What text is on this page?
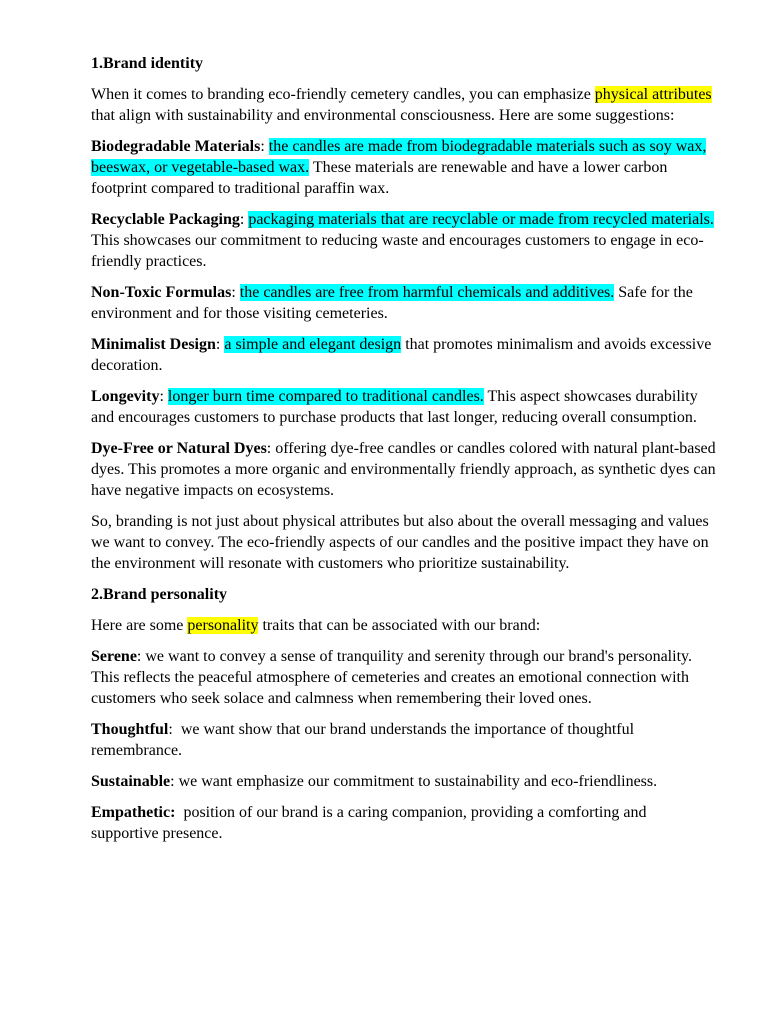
1.Brand identity

When it comes to branding eco-friendly cemetery candles, you can emphasize physical attributes that align with sustainability and environmental consciousness. Here are some suggestions:

Biodegradable Materials: the candles are made from biodegradable materials such as soy wax, beeswax, or vegetable-based wax. These materials are renewable and have a lower carbon footprint compared to traditional paraffin wax.

Recyclable Packaging: packaging materials that are recyclable or made from recycled materials. This showcases our commitment to reducing waste and encourages customers to engage in eco-friendly practices.

Non-Toxic Formulas: the candles are free from harmful chemicals and additives. Safe for the environment and for those visiting cemeteries.

Minimalist Design: a simple and elegant design that promotes minimalism and avoids excessive decoration.

Longevity: longer burn time compared to traditional candles. This aspect showcases durability and encourages customers to purchase products that last longer, reducing overall consumption.

Dye-Free or Natural Dyes: offering dye-free candles or candles colored with natural plant-based dyes. This promotes a more organic and environmentally friendly approach, as synthetic dyes can have negative impacts on ecosystems.

So, branding is not just about physical attributes but also about the overall messaging and values we want to convey. The eco-friendly aspects of our candles and the positive impact they have on the environment will resonate with customers who prioritize sustainability.

2.Brand personality

Here are some personality traits that can be associated with our brand:

Serene: we want to convey a sense of tranquility and serenity through our brand's personality. This reflects the peaceful atmosphere of cemeteries and creates an emotional connection with customers who seek solace and calmness when remembering their loved ones.

Thoughtful:  we want show that our brand understands the importance of thoughtful remembrance.

Sustainable: we want emphasize our commitment to sustainability and eco-friendliness.

Empathetic: position of our brand is a caring companion, providing a comforting and supportive presence.
